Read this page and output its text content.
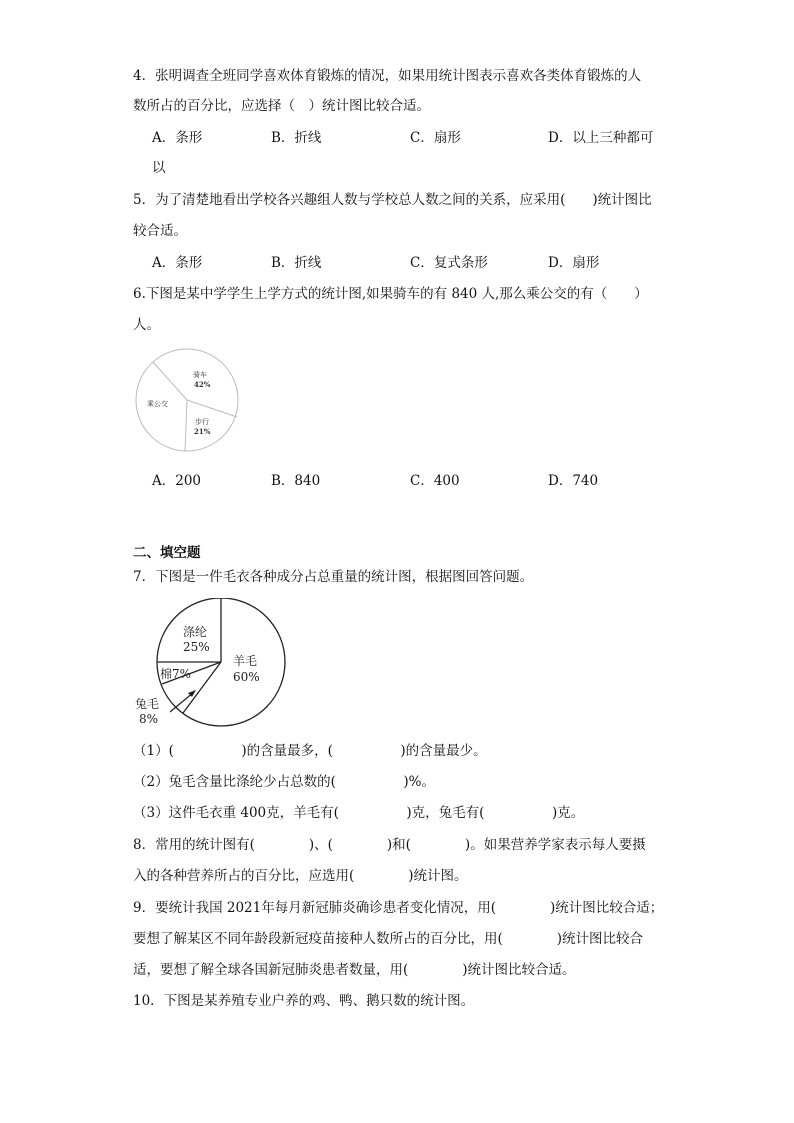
4．张明调查全班同学喜欢体育锻炼的情况，如果用统计图表示喜欢各类体育锻炼的人
数所占的百分比，应选择（　）统计图比较合适。
A．条形	B．折线	C．扇形	D．以上三种都可
以
5．为了清楚地看出学校各兴趣组人数与学校总人数之间的关系，应采用(　　)统计图比
较合适。
A．条形	B．折线	C．复式条形	D．扇形
6.下图是某中学学生上学方式的统计图,如果骑车的有 840 人,那么乘公交的有（　　）
人。
骑车
42%
乘公交
步行
21%
A．200	B．840	C．400	D．740
二、填空题
7．下图是一件毛衣各种成分占总重量的统计图，根据图回答问题。
涤纶
25%
羊毛
60%
棉7%
兔毛
8%
（1）(　　　　　)的含量最多，(　　　　　)的含量最少。
（2）兔毛含量比涤纶少占总数的(　　　　　)%。
（3）这件毛衣重 400克，羊毛有(　　　　　)克，兔毛有(　　　　　)克。
8．常用的统计图有(　　　　)、(　　　　)和(　　　　)。如果营养学家表示每人要摄
入的各种营养所占的百分比，应选用(　　　　)统计图。
9．要统计我国 2021年每月新冠肺炎确诊患者变化情况，用(　　　　)统计图比较合适；
要想了解某区不同年龄段新冠疫苗接种人数所占的百分比，用(　　　　)统计图比较合
适，要想了解全球各国新冠肺炎患者数量，用(　　　　)统计图比较合适。
10．下图是某养殖专业户养的鸡、鸭、鹅只数的统计图。
